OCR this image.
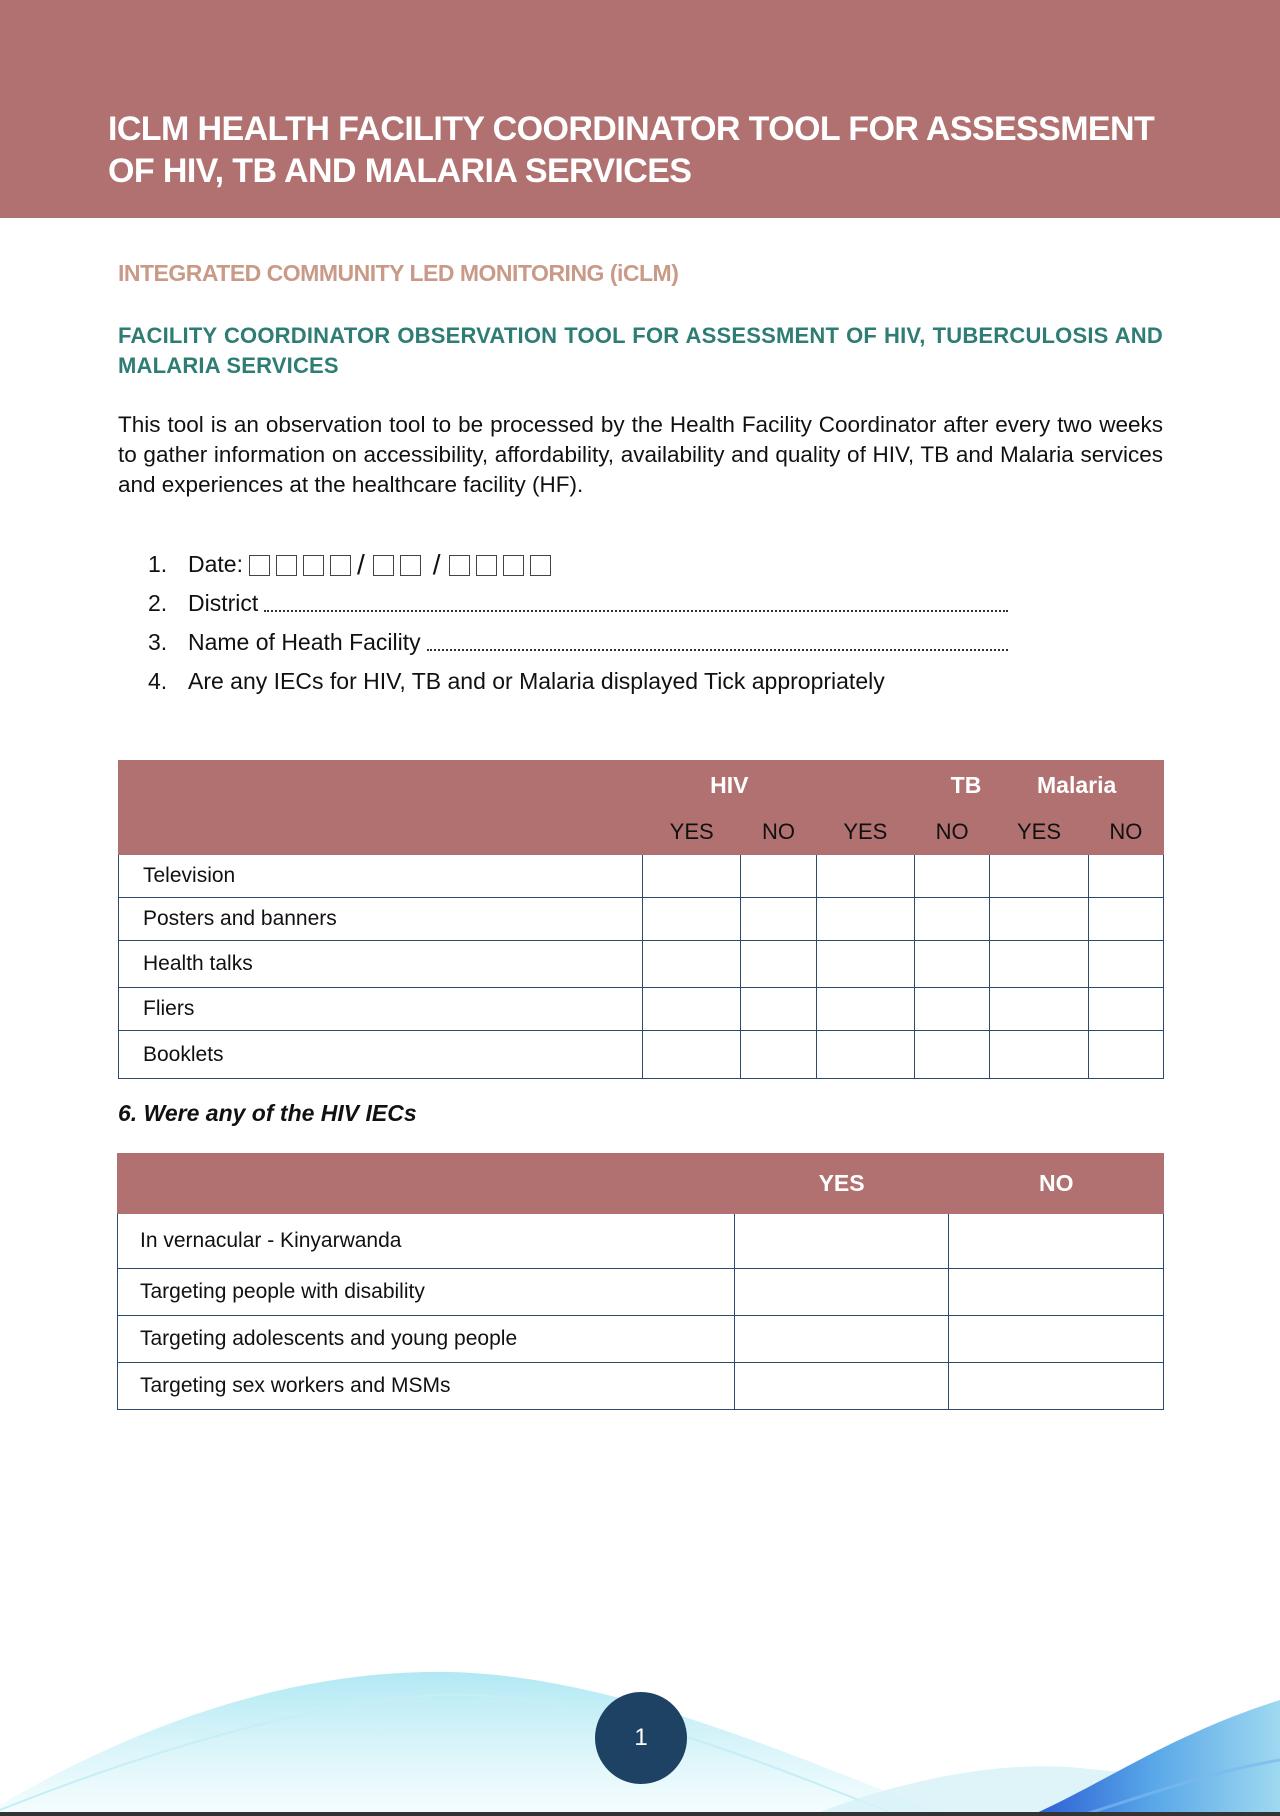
ICLM HEALTH FACILITY COORDINATOR TOOL FOR ASSESSMENT OF HIV, TB AND MALARIA SERVICES
INTEGRATED COMMUNITY LED MONITORING (iCLM)
FACILITY COORDINATOR OBSERVATION TOOL FOR ASSESSMENT OF HIV, TUBERCULOSIS AND MALARIA SERVICES
This tool is an observation tool to be processed by the Health Facility Coordinator after every two weeks to gather information on accessibility, affordability, availability and quality of HIV, TB and Malaria services and experiences at the healthcare facility (HF).
1. Date:	/ /
2. District
3. Name of Heath Facility
4. Are any IECs for HIV, TB and or Malaria displayed Tick appropriately
	HIV		TB		Malaria	
	YES	NO	YES	NO	YES	NO
Television						
Posters and banners						
Health talks						
Fliers						
Booklets						
6. Were any of the HIV IECs
	YES	NO
In vernacular - Kinyarwanda		
Targeting people with disability		
Targeting adolescents and young people		
Targeting sex workers and MSMs		
1
